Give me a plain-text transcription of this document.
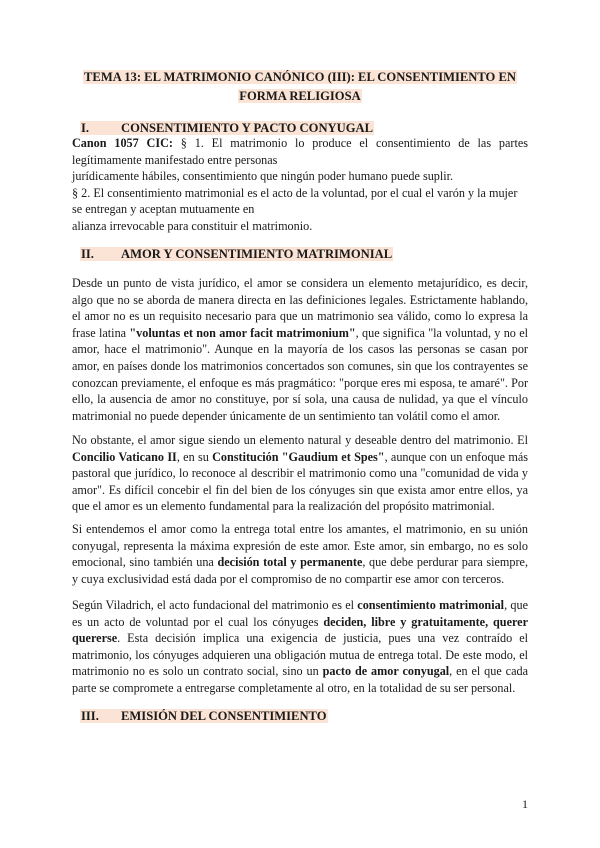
TEMA 13: EL MATRIMONIO CANÓNICO (III): EL CONSENTIMIENTO EN
FORMA RELIGIOSA
I.	CONSENTIMIENTO Y PACTO CONYUGAL
Canon 1057 CIC: § 1. El matrimonio lo produce el consentimiento de las partes
legítimamente manifestado entre personas
jurídicamente hábiles, consentimiento que ningún poder humano puede suplir.
§ 2. El consentimiento matrimonial es el acto de la voluntad, por el cual el varón y la mujer
se entregan y aceptan mutuamente en
alianza irrevocable para constituir el matrimonio.
II. AMOR Y CONSENTIMIENTO MATRIMONIAL

Desde un punto de vista jurídico, el amor se considera un elemento metajurídico, es decir, algo que no se aborda de manera directa en las definiciones legales. Estrictamente hablando, el amor no es un requisito necesario para que un matrimonio sea válido, como lo expresa la frase latina "voluntas et non amor facit matrimonium", que significa "la voluntad, y no el amor, hace el matrimonio". Aunque en la mayoría de los casos las personas se casan por amor, en países donde los matrimonios concertados son comunes, sin que los contrayentes se conozcan previamente, el enfoque es más pragmático: "porque eres mi esposa, te amaré". Por ello, la ausencia de amor no constituye, por sí sola, una causa de nulidad, ya que el vínculo matrimonial no puede depender únicamente de un sentimiento tan volátil como el amor.

No obstante, el amor sigue siendo un elemento natural y deseable dentro del matrimonio. El Concilio Vaticano II, en su Constitución "Gaudium et Spes", aunque con un enfoque más pastoral que jurídico, lo reconoce al describir el matrimonio como una "comunidad de vida y amor". Es difícil concebir el fin del bien de los cónyuges sin que exista amor entre ellos, ya que el amor es un elemento fundamental para la realización del propósito matrimonial.

Si entendemos el amor como la entrega total entre los amantes, el matrimonio, en su unión conyugal, representa la máxima expresión de este amor. Este amor, sin embargo, no es solo emocional, sino también una decisión total y permanente, que debe perdurar para siempre, y cuya exclusividad está dada por el compromiso de no compartir ese amor con terceros.

Según Viladrich, el acto fundacional del matrimonio es el consentimiento matrimonial, que es un acto de voluntad por el cual los cónyuges deciden, libre y gratuitamente, querer quererse. Esta decisión implica una exigencia de justicia, pues una vez contraído el matrimonio, los cónyuges adquieren una obligación mutua de entrega total. De este modo, el matrimonio no es solo un contrato social, sino un pacto de amor conyugal, en el que cada parte se compromete a entregarse completamente al otro, en la totalidad de su ser personal.

III. EMISIÓN DEL CONSENTIMIENTO
1
